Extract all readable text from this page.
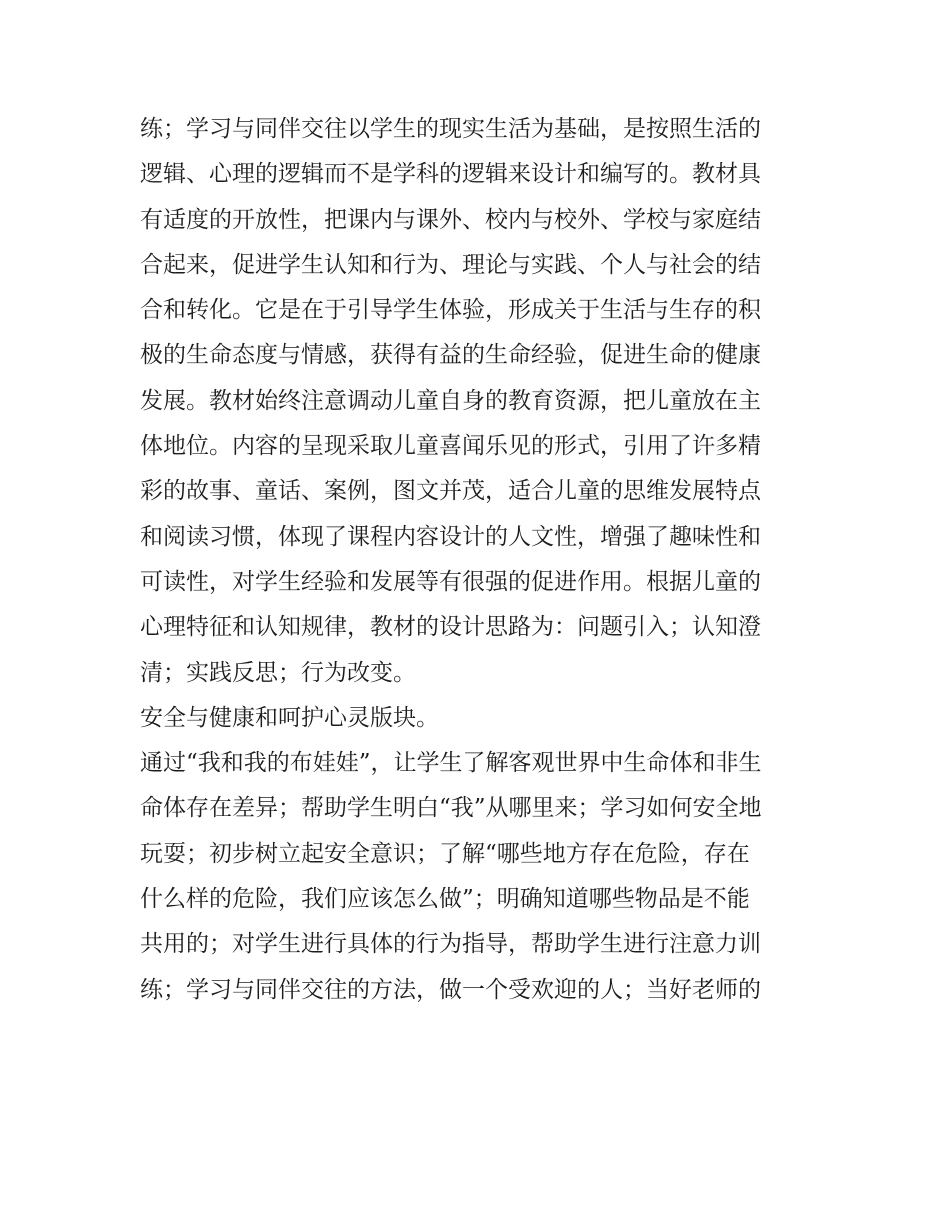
练；学习与同伴交往以学生的现实生活为基础，是按照生活的
逻辑、心理的逻辑而不是学科的逻辑来设计和编写的。教材具
有适度的开放性，把课内与课外、校内与校外、学校与家庭结
合起来，促进学生认知和行为、理论与实践、个人与社会的结
合和转化。它是在于引导学生体验，形成关于生活与生存的积
极的生命态度与情感，获得有益的生命经验，促进生命的健康
发展。教材始终注意调动儿童自身的教育资源，把儿童放在主
体地位。内容的呈现采取儿童喜闻乐见的形式，引用了许多精
彩的故事、童话、案例，图文并茂，适合儿童的思维发展特点
和阅读习惯，体现了课程内容设计的人文性，增强了趣味性和
可读性，对学生经验和发展等有很强的促进作用。根据儿童的
心理特征和认知规律，教材的设计思路为：问题引入；认知澄
清；实践反思；行为改变。
安全与健康和呵护心灵版块。
通过“我和我的布娃娃”，让学生了解客观世界中生命体和非生
命体存在差异；帮助学生明白“我”从哪里来；学习如何安全地
玩耍；初步树立起安全意识；了解“哪些地方存在危险，存在
什么样的危险，我们应该怎么做”；明确知道哪些物品是不能
共用的；对学生进行具体的行为指导，帮助学生进行注意力训
练；学习与同伴交往的方法，做一个受欢迎的人；当好老师的
